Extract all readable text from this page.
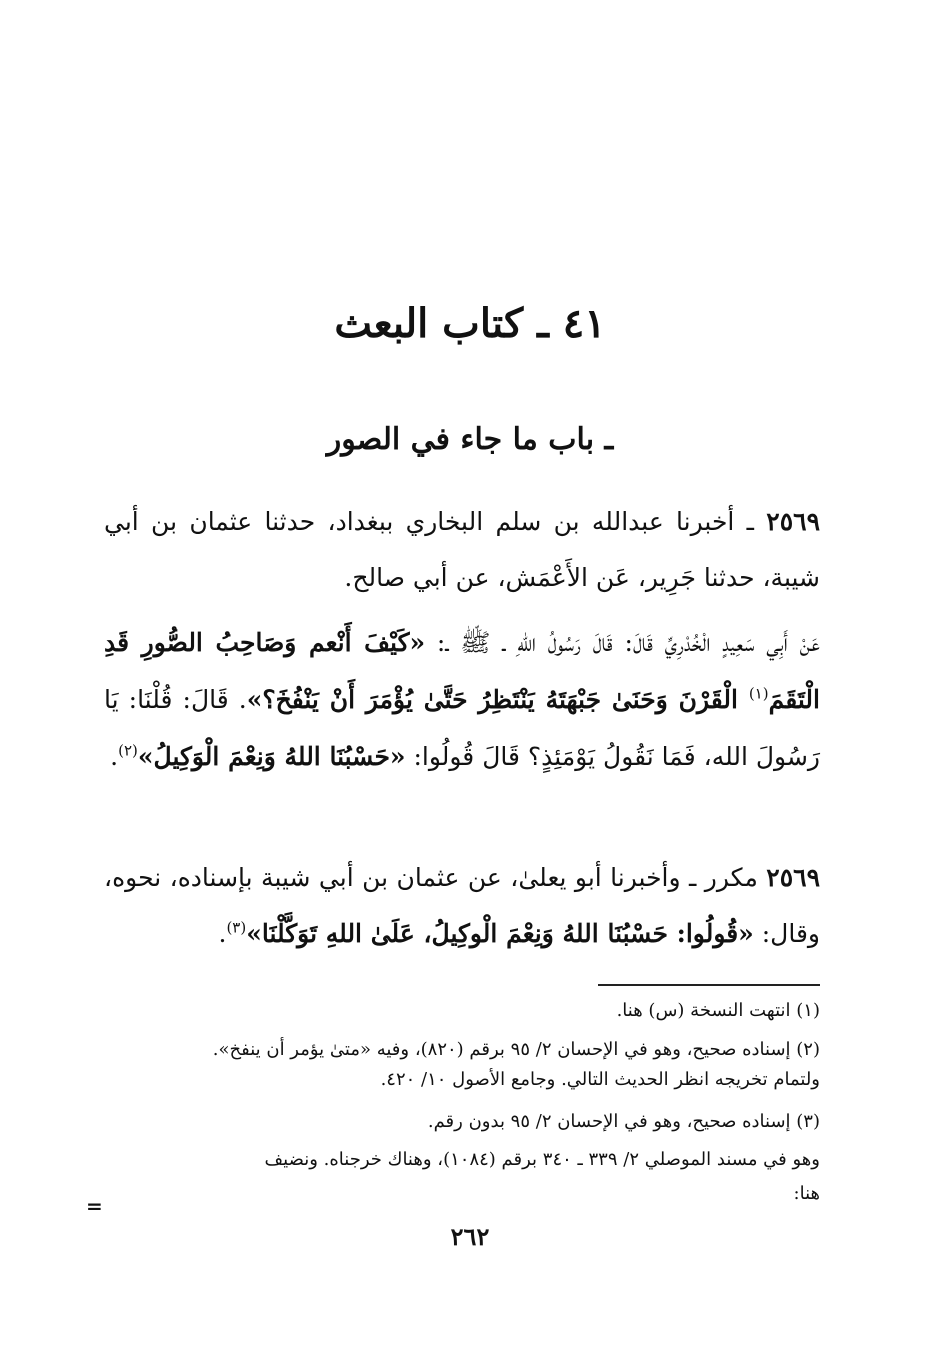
٤١ ـ كتاب البعث
ـ باب ما جاء في الصور

٢٥٦٩ ـ أخبرنا عبدالله بن سلم البخاري ببغداد، حدثنا عثمان بن أبي شيبة، حدثنا جَرِير، عَن الأَعْمَش، عن أبي صالح.

عَنْ أَبِي سَعِيدٍ الْخُدْرِيِّ قَالَ: قَالَ رَسُولُ اللهِ ـ ﷺ ـ: «كَيْفَ أَنْعم وَصَاحِبُ الصُّورِ قَدِ الْتَقَمَ$^{(١)}$ الْقَرْنَ وَحَنَىٰ جَبْهَتَهُ يَنْتَظِرُ حَتَّىٰ يُؤْمَرَ أَنْ يَنْفُخَ؟». قَالَ: قُلْنَا: يَا رَسُولَ الله، فَمَا نَقُولُ يَوْمَئِذٍ؟ قَالَ قُولُوا: «حَسْبُنَا اللهُ وَنِعْمَ الْوَكِيلُ»$^{(٢)}$.

٢٥٦٩ مكرر ـ وأخبرنا أبو يعلىٰ، عن عثمان بن أبي شيبة بإسناده، نحوه، وقال: «قُولُوا: حَسْبُنَا اللهُ وَنِعْمَ الْوكِيلُ، عَلَىٰ اللهِ تَوَكَّلْنَا»$^{(٣)}$.

(١) انتهت النسخة (س) هنا.
(٢) إسناده صحيح، وهو في الإحسان ٢/ ٩٥ برقم (٨٢٠)، وفيه «متىٰ يؤمر أن ينفخ».
ولتمام تخريجه انظر الحديث التالي. وجامع الأصول ١٠/ ٤٢٠.
(٣) إسناده صحيح، وهو في الإحسان ٢/ ٩٥ بدون رقم.
وهو في مسند الموصلي ٢/ ٣٣٩ ـ ٣٤٠ برقم (١٠٨٤)، وهناك خرجناه. ونضيف
هنا:
=
٢٦٢
